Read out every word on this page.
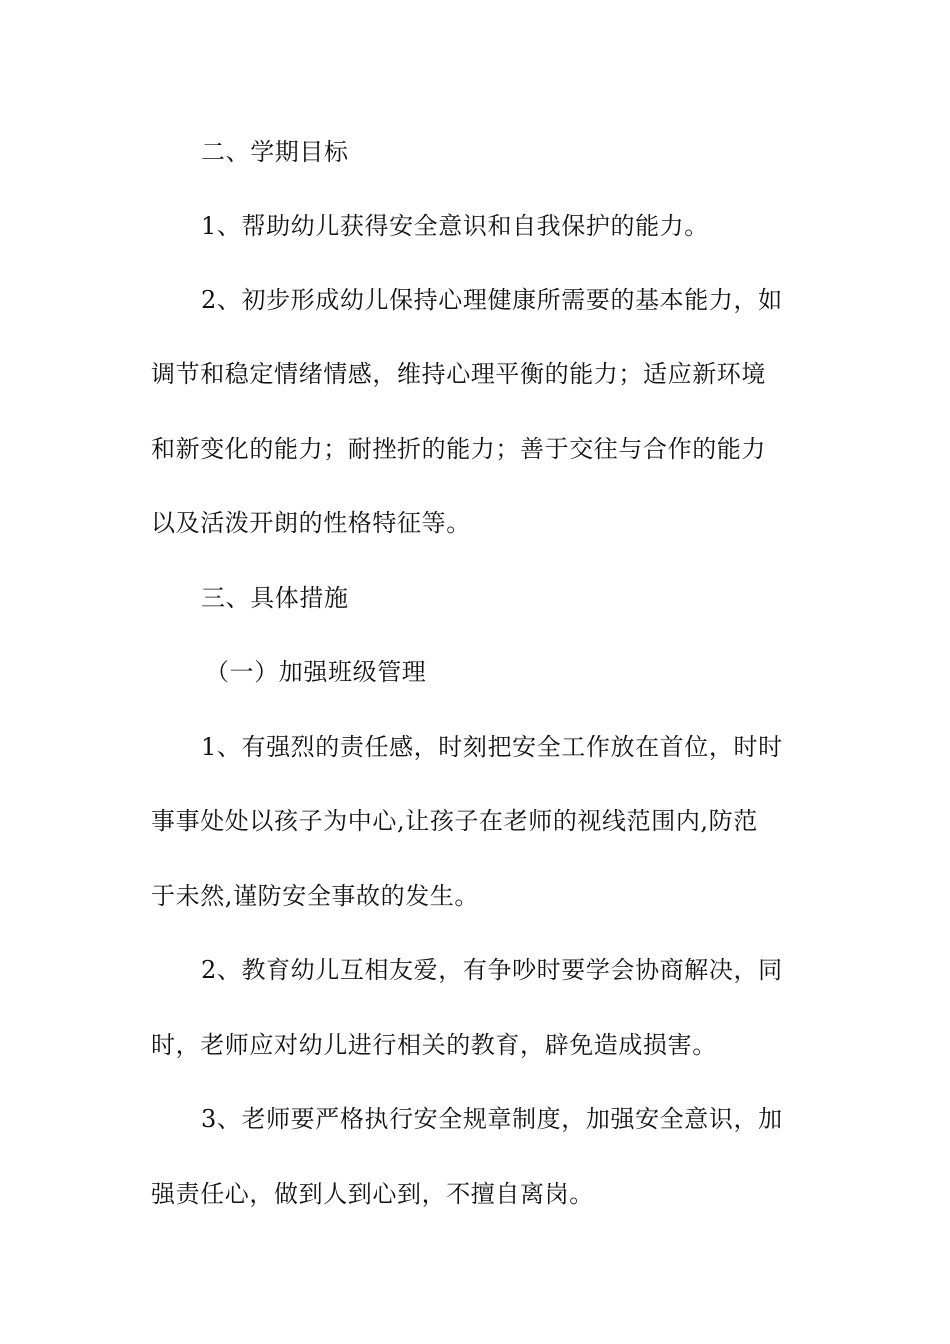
二、学期目标
1、帮助幼儿获得安全意识和自我保护的能力。
2、初步形成幼儿保持心理健康所需要的基本能力，如
调节和稳定情绪情感，维持心理平衡的能力；适应新环境
和新变化的能力；耐挫折的能力；善于交往与合作的能力
以及活泼开朗的性格特征等。
三、具体措施
（一）加强班级管理
1、有强烈的责任感，时刻把安全工作放在首位，时时
事事处处以孩子为中心,让孩子在老师的视线范围内,防范
于未然,谨防安全事故的发生。
2、教育幼儿互相友爱，有争吵时要学会协商解决，同
时，老师应对幼儿进行相关的教育，辟免造成损害。
3、老师要严格执行安全规章制度，加强安全意识，加
强责任心，做到人到心到，不擅自离岗。
